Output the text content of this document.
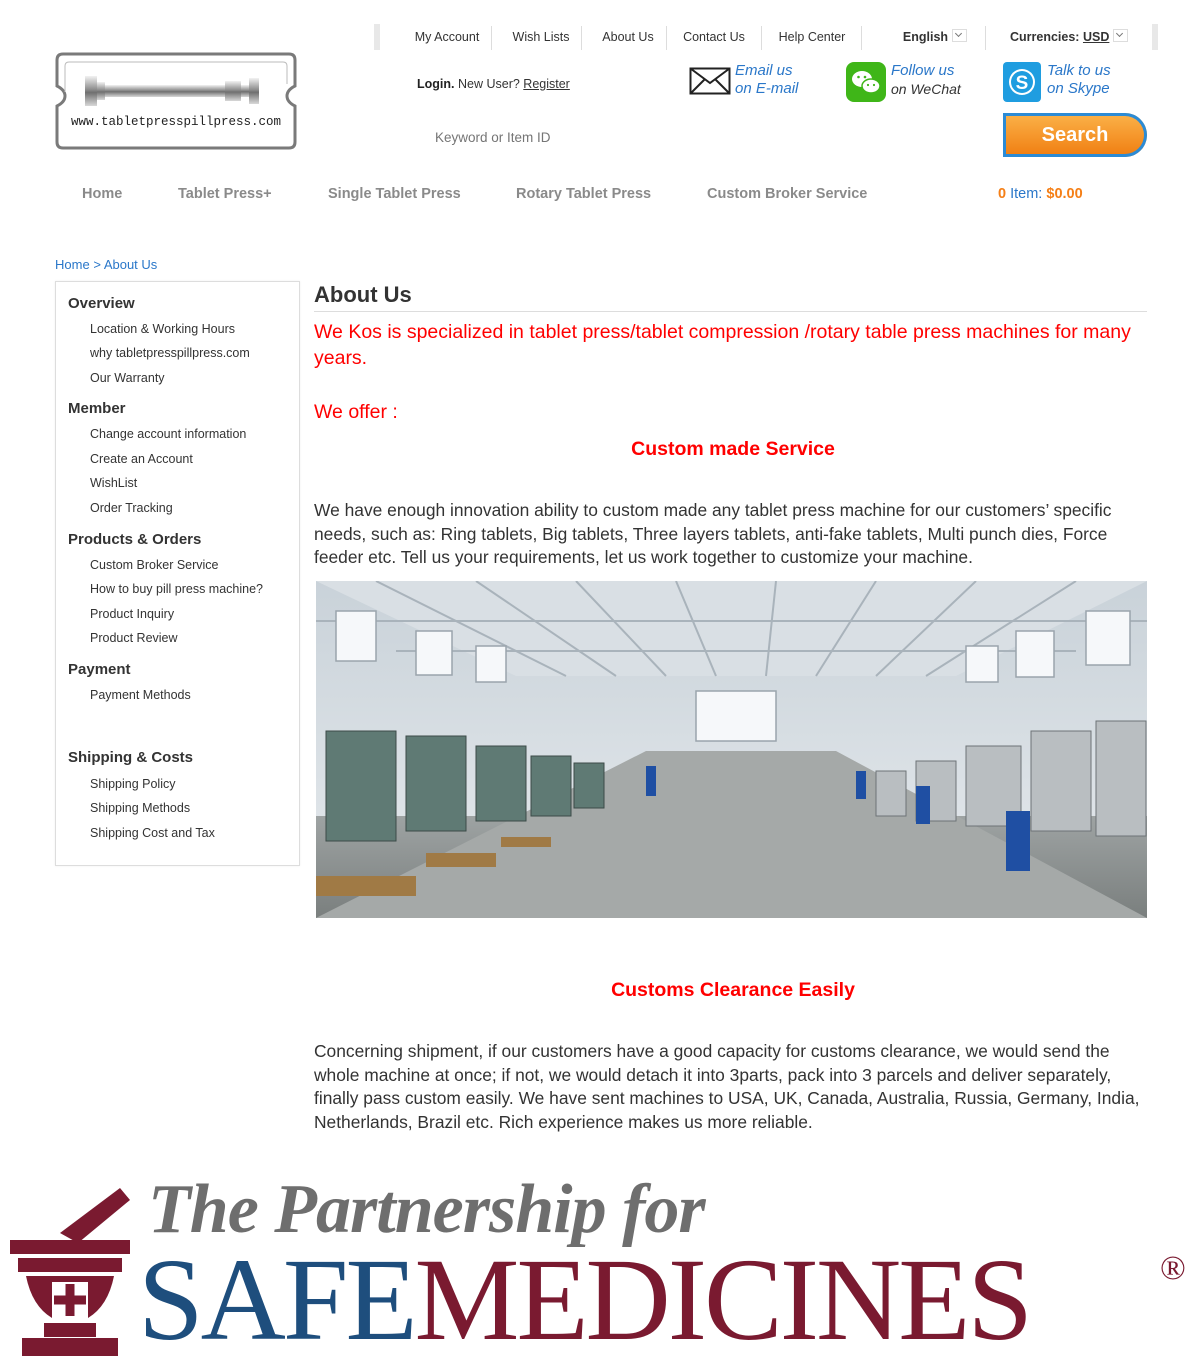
My Account	Wish Lists	About Us	Contact Us	Help Center	English	Currencies: USD
www.tabletpresspillpress.com
Login. New User? Register
Email us
on E-mail
Follow us
on WeChat	S
Talk to us
on Skype
Keyword or Item ID
Search
Home	Tablet Press+	Single Tablet Press	Rotary Tablet Press	Custom Broker Service	0 Item: $0.00
Home > About Us
Overview
Location & Working Hours
why tabletpresspillpress.com
Our Warranty
Member
Change account information
Create an Account
WishList
Order Tracking
Products & Orders
Custom Broker Service
How to buy pill press machine?
Product Inquiry
Product Review
Payment
Payment Methods
Shipping & Costs
Shipping Policy
Shipping Methods
Shipping Cost and Tax
About Us
We Kos is specialized in tablet press/tablet compression /rotary table press machines for many years.
We offer :
Custom made Service
We have enough innovation ability to custom made any tablet press machine for our customers’ specific needs, such as: Ring tablets, Big tablets, Three layers tablets, anti-fake tablets, Multi punch dies, Force feeder etc. Tell us your requirements, let us work together to customize your machine.
Customs Clearance Easily
Concerning shipment, if our customers have a good capacity for customs clearance, we would send the whole machine at once; if not, we would detach it into 3parts, pack into 3 parcels and deliver separately, finally pass custom easily. We have sent machines to USA, UK, Canada, Australia, Russia, Germany, India, Netherlands, Brazil etc. Rich experience makes us more reliable.
The Partnership for
SAFEMEDICINES	®
